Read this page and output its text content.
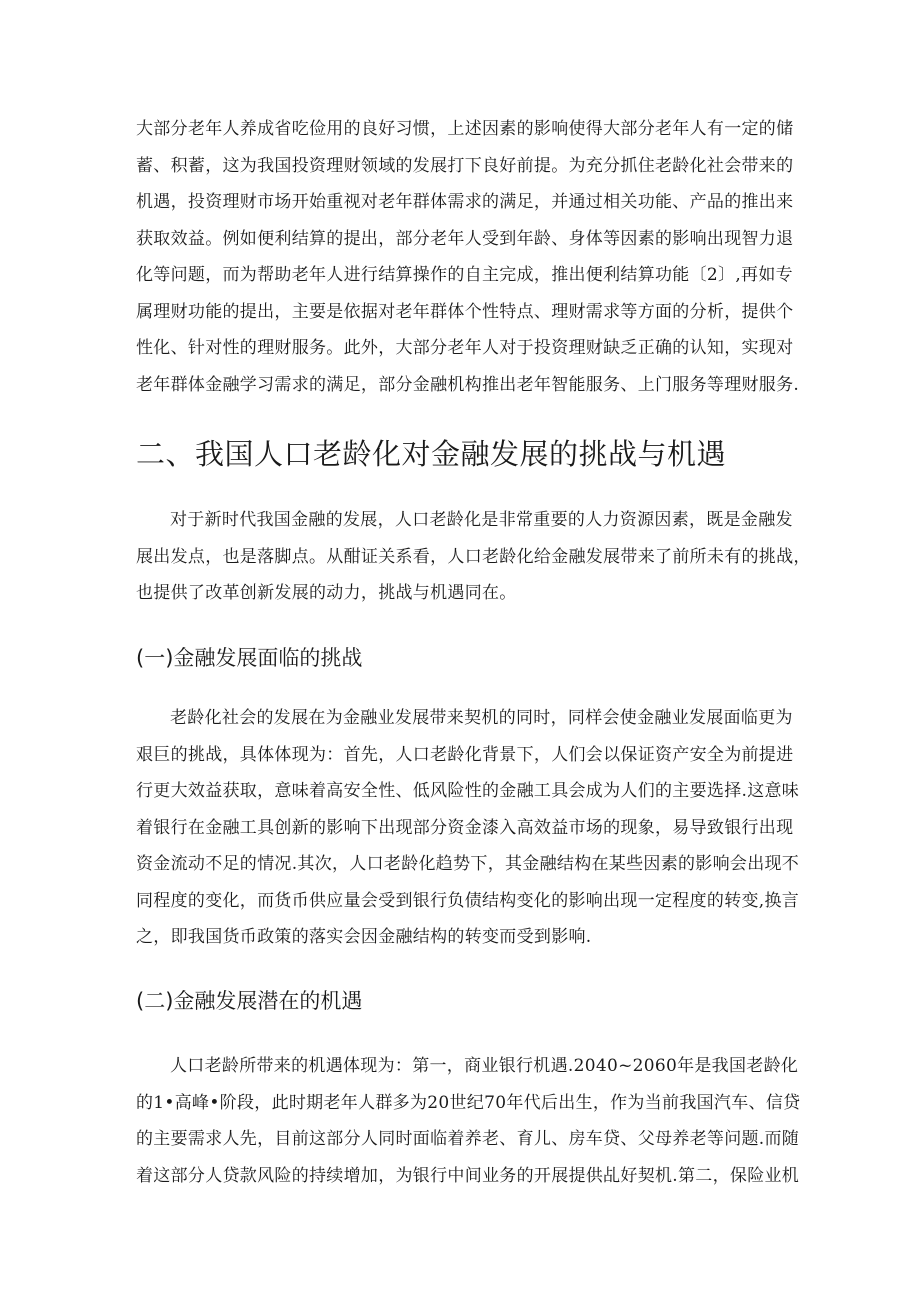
大部分老年人养成省吃俭用的良好习惯，上述因素的影响使得大部分老年人有一定的储
蓄、积蓄，这为我国投资理财领域的发展打下良好前提。为充分抓住老龄化社会带来的
机遇，投资理财市场开始重视对老年群体需求的满足，并通过相关功能、产品的推出来
获取效益。例如便利结算的提出，部分老年人受到年龄、身体等因素的影响出现智力退
化等问题，而为帮助老年人进行结算操作的自主完成，推出便利结算功能〔2〕,再如专
属理财功能的提出，主要是依据对老年群体个性特点、理财需求等方面的分析，提供个
性化、针对性的理财服务。此外，大部分老年人对于投资理财缺乏正确的认知，实现对
老年群体金融学习需求的满足，部分金融机构推出老年智能服务、上门服务等理财服务.
二、我国人口老龄化对金融发展的挑战与机遇
对于新时代我国金融的发展，人口老龄化是非常重要的人力资源因素，既是金融发
展出发点，也是落脚点。从酣证关系看，人口老龄化给金融发展带来了前所未有的挑战，
也提供了改革创新发展的动力，挑战与机遇同在。
(一)金融发展面临的挑战
老龄化社会的发展在为金融业发展带来契机的同时，同样会使金融业发展面临更为
艰巨的挑战，具体体现为：首先，人口老龄化背景下，人们会以保证资产安全为前提进
行更大效益获取，意味着高安全性、低风险性的金融工具会成为人们的主要选择.这意味
着银行在金融工具创新的影响下出现部分资金漆入高效益市场的现象，易导致银行出现
资金流动不足的情况.其次，人口老龄化趋势下，其金融结构在某些因素的影响会出现不
同程度的变化，而货币供应量会受到银行负债结构变化的影响出现一定程度的转变,换言
之，即我国货币政策的落实会因金融结构的转变而受到影响.
(二)金融发展潜在的机遇
人口老龄所带来的机遇体现为：第一，商业银行机遇.2040~2060年是我国老龄化
的1•高峰•阶段，此时期老年人群多为20世纪70年代后出生，作为当前我国汽车、信贷
的主要需求人先，目前这部分人同时面临着养老、育儿、房车贷、父母养老等问题.而随
着这部分人贷款风险的持续增加，为银行中间业务的开展提供乩好契机.第二，保险业机
